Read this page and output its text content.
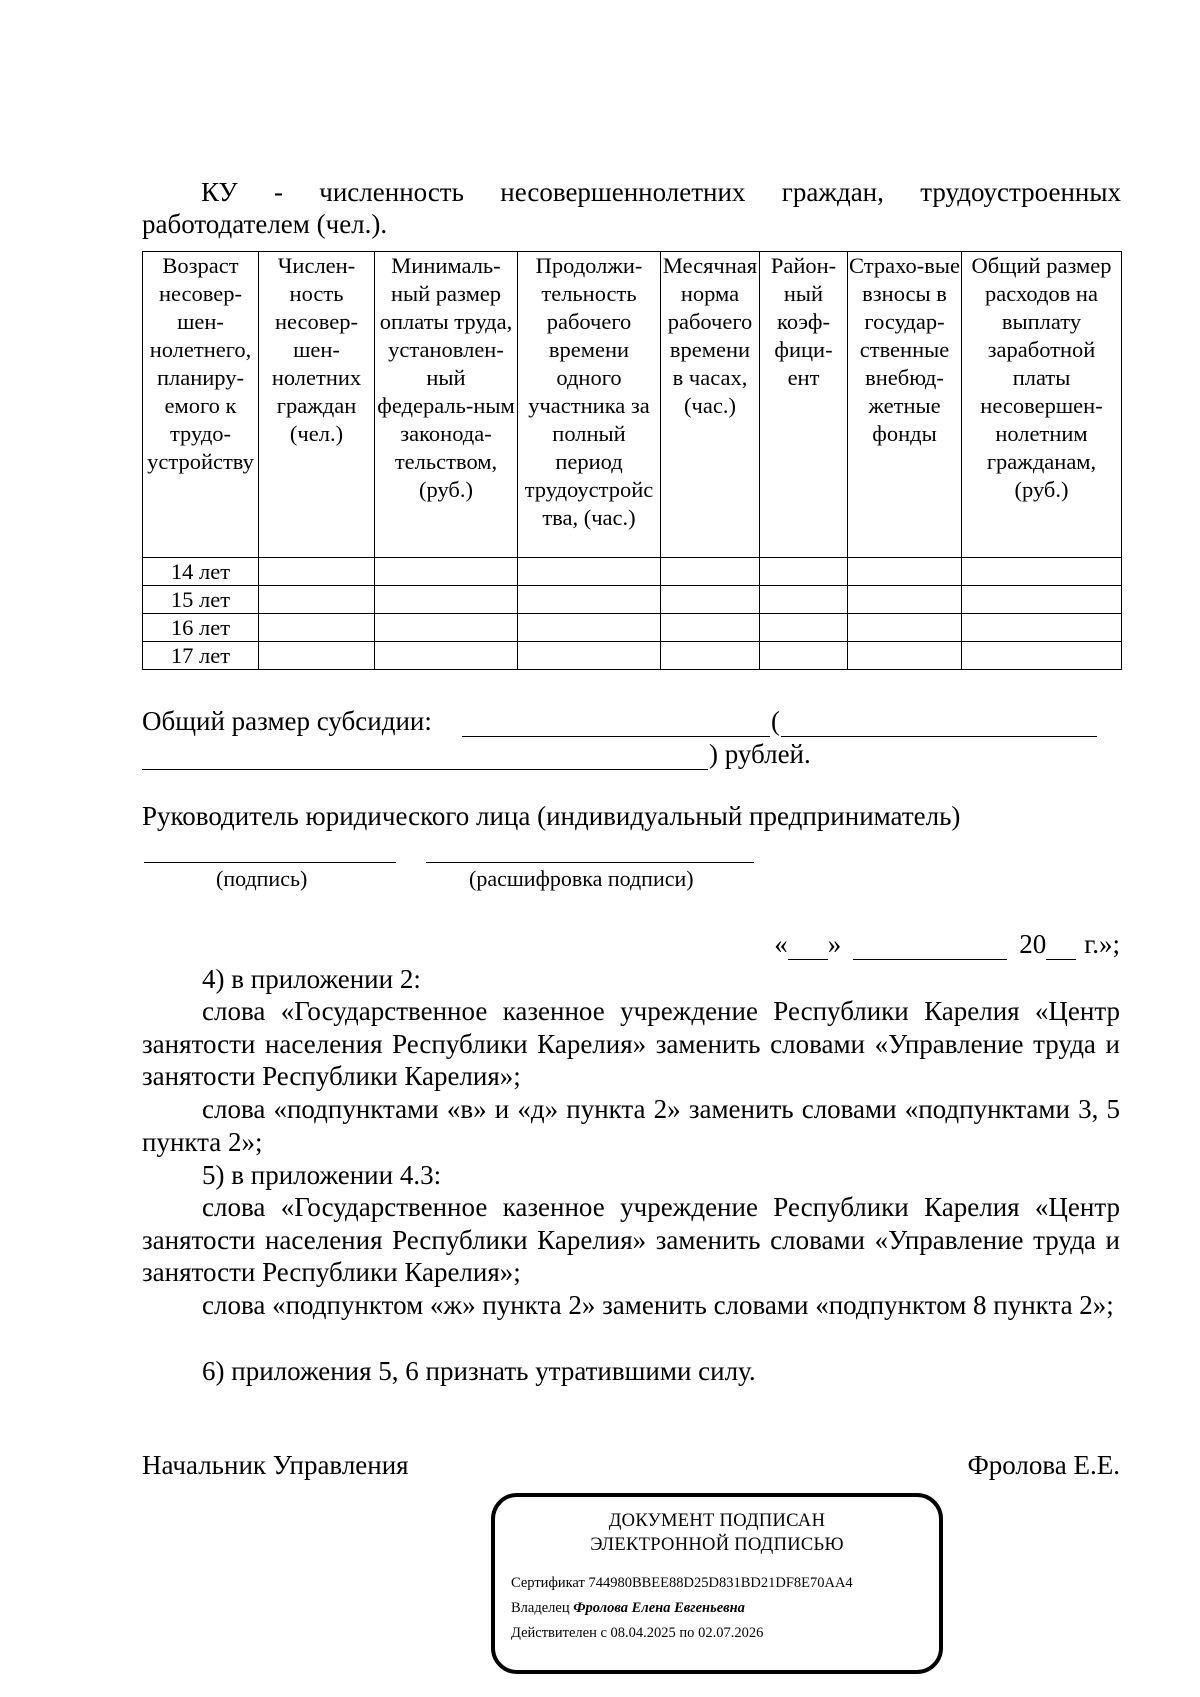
КУ - численность несовершеннолетних граждан, трудоустроенных
работодателем (чел.).
Возраст несовер-шен-нолетнего, планиру-емого к трудо-устройству	Числен-ность несовер-шен-нолетних граждан (чел.)	Минималь-ный размер оплаты труда, установлен-ный федераль-ным законода-тельством, (руб.)	Продолжи-тельность рабочего времени одного участника за полный период трудоустройс тва, (час.)	Месячная норма рабочего времени в часах, (час.)	Район-ный коэф-фици-ент	Страхо-вые взносы в государ-ственные внебюд-жетные фонды	Общий размер расходов на выплату заработной платы несовершен-нолетним гражданам, (руб.)
14 лет							
15 лет							
16 лет							
17 лет							
Общий размер субсидии:	(
) рублей.
Руководитель юридического лица (индивидуальный предприниматель)
(подпись)	(расшифровка подписи)
« »	20 г.»;

4) в приложении 2:

слова «Государственное казенное учреждение Республики Карелия «Центр занятости населения Республики Карелия» заменить словами «Управление труда и занятости Республики Карелия»;

слова «подпунктами «в» и «д» пункта 2» заменить словами «подпунктами 3, 5 пункта 2»;

5) в приложении 4.3:

слова «Государственное казенное учреждение Республики Карелия «Центр занятости населения Республики Карелия» заменить словами «Управление труда и занятости Республики Карелия»;

слова «подпунктом «ж» пункта 2» заменить словами «подпунктом 8 пункта 2»;

6) приложения 5, 6 признать утратившими силу.

Начальник Управления	Фролова Е.Е.
ДОКУМЕНТ ПОДПИСАН
ЭЛЕКТРОННОЙ ПОДПИСЬЮ
Сертификат 744980BBEE88D25D831BD21DF8E70AA4
Владелец Фролова Елена Евгеньевна
Действителен с 08.04.2025 по 02.07.2026
